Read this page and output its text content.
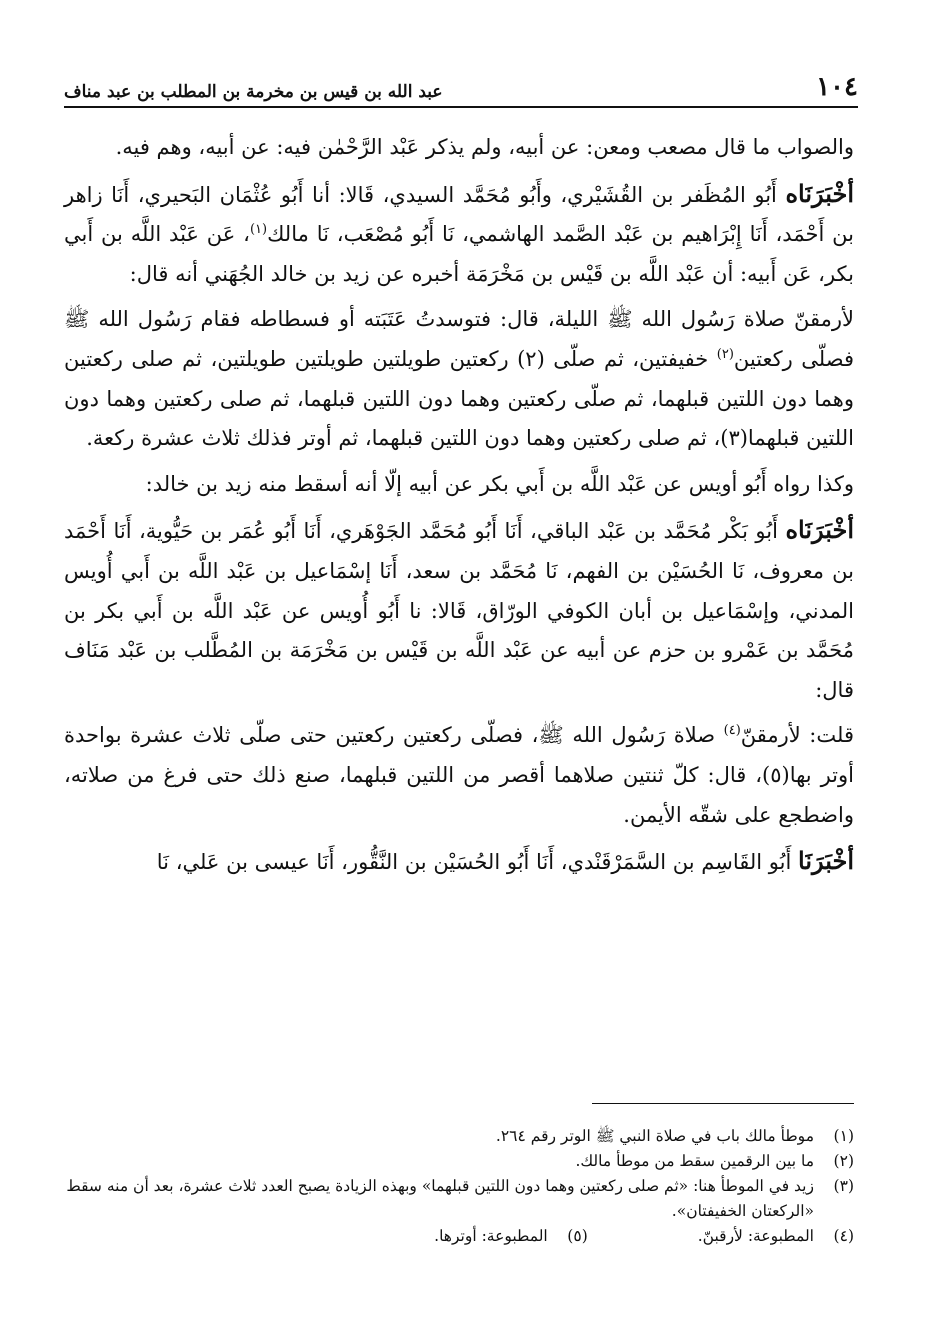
١٠٤
عبد الله بن قيس بن مخرمة بن المطلب بن عبد مناف

والصواب ما قال مصعب ومعن: عن أبيه، ولم يذكر عَبْد الرَّحْمٰن فيه: عن أبيه، وهم فيه.

أخْبَرَنَاه أَبُو المُظَفر بن القُشَيْري، وأَبُو مُحَمَّد السيدي، قَالا: أنا أَبُو عُثْمَان البَحيري، أَنَا زاهر بن أَحْمَد، أَنَا إِبْرَاهيم بن عَبْد الصَّمد الهاشمي، نَا أَبُو مُصْعَب، نَا مالك$^{(١)}$، عَن عَبْد اللَّه بن أَبي بكر، عَن أَبيه: أن عَبْد اللَّه بن قَيْس بن مَخْرَمَة أخبره عن زيد بن خالد الجُهَني أنه قال:

لأرمقنّ صلاة رَسُول الله ﷺ الليلة، قال: فتوسدتُ عَتَبَته أو فسطاطه فقام رَسُول الله ﷺ فصلّى ركعتين$^{(٢)}$ خفيفتين، ثم صلّى (٢) ركعتين طويلتين طويلتين طويلتين، ثم صلى ركعتين وهما دون اللتين قبلهما، ثم صلّى ركعتين وهما دون اللتين قبلهما، ثم صلى ركعتين وهما دون اللتين قبلهما(٣)، ثم صلى ركعتين وهما دون اللتين قبلهما، ثم أوتر فذلك ثلاث عشرة ركعة.

وكذا رواه أَبُو أويس عن عَبْد اللَّه بن أَبي بكر عن أبيه إلّا أنه أسقط منه زيد بن خالد:

أخْبَرَنَاه أَبُو بَكْر مُحَمَّد بن عَبْد الباقي، أَنَا أَبُو مُحَمَّد الجَوْهَري، أَنَا أَبُو عُمَر بن حَيُّوية، أَنَا أَحْمَد بن معروف، نَا الحُسَيْن بن الفهم، نَا مُحَمَّد بن سعد، أَنَا إسْمَاعيل بن عَبْد اللَّه بن أَبي أُويس المدني، وإسْمَاعيل بن أبان الكوفي الورّاق، قَالا: نا أَبُو أُويس عن عَبْد اللَّه بن أَبي بكر بن مُحَمَّد بن عَمْرو بن حزم عن أبيه عن عَبْد اللَّه بن قَيْس بن مَخْرَمَة بن المُطَّلب بن عَبْد مَنَاف قال:

قلت: لأرمقنّ$^{(٤)}$ صلاة رَسُول الله ﷺ، فصلّى ركعتين ركعتين حتى صلّى ثلاث عشرة بواحدة أوتر بها(٥)، قال: كلّ ثنتين صلاهما أقصر من اللتين قبلهما، صنع ذلك حتى فرغ من صلاته، واضطجع على شقّه الأيمن.

أخْبَرَنَا أَبُو القَاسِم بن السَّمَرْقَنْدي، أَنَا أَبُو الحُسَيْن بن النَّقُّور، أَنَا عيسى بن عَلي، نَا

(١)
موطأ مالك باب في صلاة النبي ﷺ الوتر رقم ٢٦٤.
(٢)
ما بين الرقمين سقط من موطأ مالك.
(٣)
زيد في الموطأ هنا: «ثم صلى ركعتين وهما دون اللتين قبلهما» وبهذه الزيادة يصبح العدد ثلاث عشرة، بعد أن منه سقط «الركعتان الخفيفتان».
(٤)
المطبوعة: لأرقبنّ.
(٥)
المطبوعة: أوترها.
